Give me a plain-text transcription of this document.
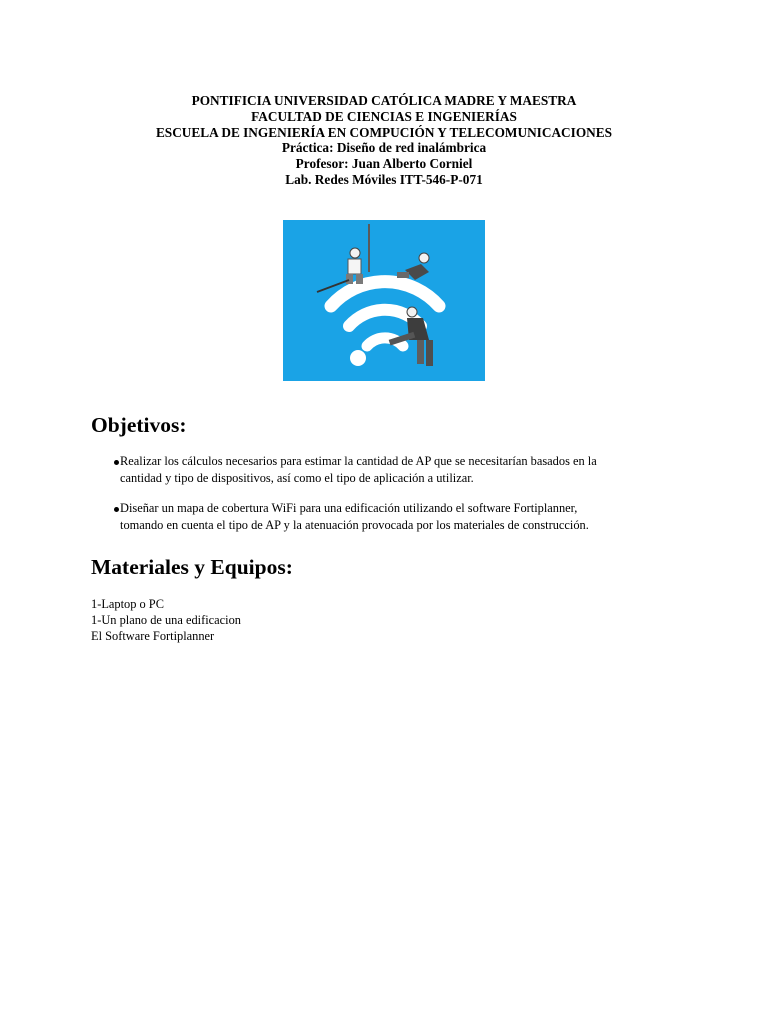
PONTIFICIA UNIVERSIDAD CATÓLICA MADRE Y MAESTRA
FACULTAD DE CIENCIAS E INGENIERÍAS
ESCUELA DE INGENIERÍA EN COMPUCIÓN Y TELECOMUNICACIONES
Práctica: Diseño de red inalámbrica
Profesor: Juan Alberto Corniel
Lab. Redes Móviles ITT-546-P-071
Objetivos:
Realizar los cálculos necesarios para estimar la cantidad de AP que se necesitarían basados en la
cantidad y tipo de dispositivos, así como el tipo de aplicación a utilizar.
Diseñar un mapa de cobertura WiFi para una edificación utilizando el software Fortiplanner,
tomando en cuenta el tipo de AP y la atenuación provocada por los materiales de construcción.
Materiales y Equipos:
1-Laptop o PC
1-Un plano de una edificacion
El Software Fortiplanner
